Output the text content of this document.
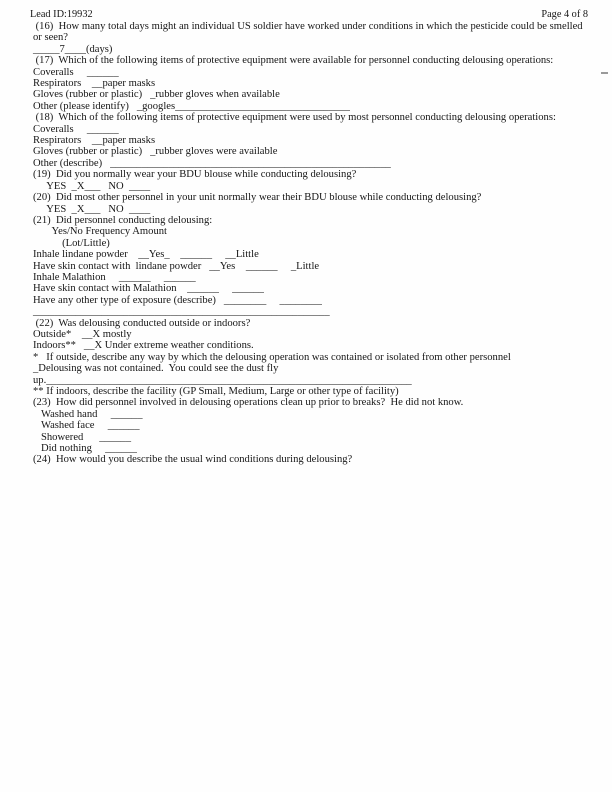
Lead ID:19932	Page 4 of 8

(16)  How many total days might an individual US soldier have worked under conditions in which the pesticide could be smelled or seen?

_____7____(days)

(17)  Which of the following items of protective equipment were available for personnel conducting delousing operations:

Coveralls     ______

Respirators    __paper masks

Gloves (rubber or plastic)   _rubber gloves when available

Other (please identify)   _googles_________________________________

(18)  Which of the following items of protective equipment were used by most personnel conducting delousing operations:

Coveralls     ______

Respirators    __paper masks

Gloves (rubber or plastic)   _rubber gloves were available

Other (describe)   _____________________________________________________

(19)  Did you normally wear your BDU blouse while conducting delousing?

YES  _X___   NO  ____

(20)  Did most other personnel in your unit normally wear their BDU blouse while conducting delousing?

YES  _X___   NO  ____

(21)  Did personnel conducting delousing:

Yes/No Frequency Amount

(Lot/Little)

Inhale lindane powder    __Yes_    ______     __Little

Have skin contact with  lindane powder   __Yes    ______     _Little

Inhale Malathion     ______     ______

Have skin contact with Malathion    ______     ______

Have any other type of exposure (describe)   ________     ________

________________________________________________________

(22)  Was delousing conducted outside or indoors?

Outside*    __X mostly

Indoors**   __X Under extreme weather conditions.

*   If outside, describe any way by which the delousing operation was contained or isolated from other personnel

_Delousing was not contained.  You could see the dust fly

up._____________________________________________________________________

** If indoors, describe the facility (GP Small, Medium, Large or other type of facility)

(23)  How did personnel involved in delousing operations clean up prior to breaks?  He did not know.

Washed hand     ______

Washed face     ______

Showered      ______

Did nothing     ______

(24)  How would you describe the usual wind conditions during delousing?
